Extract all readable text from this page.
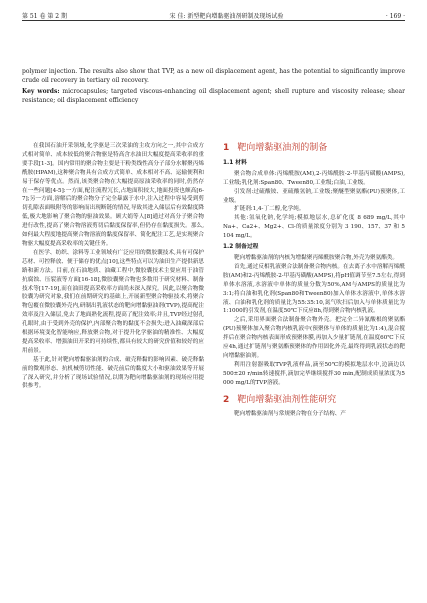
第 51 卷 第 2 期	宋 佳: 新型靶向增黏驱油剂研制及现场试验	· 169 ·

polymer injection. The results also show that TVP, as a new oil displacement agent, has the potential to significantly improve crude oil recovery in tertiary oil recovery.

Key words: microcapsules; targeted viscous-enhancing oil displacement agent; shell rupture and viscosity release; shear resistance; oil displacement efficiency

在我国石油开采领域,化学驱是三次采油的主攻方向之一,其中合成方式相对简单、成本较低的聚合物驱是特高含水油田大幅度提高采收率的重要手段[1-3]。国内常用的聚合物主要是干粉类线性高分子部分水解聚丙烯酰胺(HPAM),这种聚合物具有合成方式简单、成本相对不高、运输便利和易于保存等优点。然而,该类聚合物在大幅提高原油采收率的同时,仍然存在一些问题[4-5]:一方面,配注流程冗长,占地面积较大,地面投资也颇高[6-7];另一方面,溶解后的聚合物分子完全暴露于水中,注入过程中容易受到剪切孔隙表面吸附等的影响而出现断链的情况,导致其进入储层后有效黏度降低,极大地影响了聚合物的驱油效果。顾大娟等人[8]通过对高分子聚合物进行改性,提高了聚合物溶液剪切后黏度保留率,但仍存在黏度损失。那么,如何最大程度地提高聚合物溶液的黏度保留率、简化配注工艺,是实现聚合物驱大幅度提高采收率的关键任务。

在医学、纺织、涂料等工业领域有广泛应用的微胶囊技术,具有可保护芯材、可控释放、便于储存的优点[10],这些特点可以为油田生产提供新思路和新方法。目前,在石油地质、油藏工程中,微胶囊技术主要应用于油管抗腐蚀、压裂液等方面[16-18],微胶囊聚合物也多数用于研究材料、制备技术等[17-19],而在油田提高采收率方面尚未深入探究。因此,以聚合物微胶囊为研究对象,我们在前期研究的基础上,开展新型聚合物驱技术,将聚合物包覆在微胶囊外壳内,研制出乳液状态的靶向增黏驱油剂(TVP),提高配注效率及注入储层,免去了地面熟化流程,提高了配注效率;并且,TVP经过射孔孔眼时,由于受到外壳的保护,内部聚合物的黏度不会损失;进入油藏深部后根据环境变化智能响应,释放聚合物,对于提升化学驱油的精准性、大幅度提高采收率、增强油田开采的可持续性,都具有较大的研究价值和较好的应用前景。

基于此,针对靶向增黏驱油剂的合成、破壳释黏的影响因素、破壳释黏前的微观形态、抗机械剪切性能、破壳前后的黏度大小和驱油效果等开展了深入研究,并分析了现场试验情况,以期为靶向增黏驱油剂的现场应用提供参考。

1 靶向增黏驱油剂的制备
1.1 材料

聚合物合成单体:丙烯酰胺(AM),2-丙烯酰胺-2-甲基丙磺酸(AMPS),工业级;乳化剂:Span80、Tween80,工业级;白油,工业级。

引发剂:过硫酸铵、亚硫酸氢钠,工业级;聚醚型聚氨酯(PU)预聚体,工业级。

扩链剂:1,4-丁二醇,化学纯。

其他:氢氧化钠,化学纯;模拟地层水,总矿化度 8 689 mg/L,其中 Na+、Ca2+、Mg2+、Cl-的质量浓度分别为 3 190、157、37 和 5 104 mg/L。

1.2 制备过程

靶向增黏驱油剂的内核为增黏聚丙烯酰胺聚合物,外壳为聚氨酯类。

首先,通过反相乳液聚合法制备聚合物内核。在去离子水中溶解丙烯酰胺(AM)和2-丙烯酰胺-2-甲基丙磺酸(AMPS),将pH值调节至7.5左右,得到单体水溶液,水溶液中单体的质量分数为50%,AM与AMPS的质量比为3:1;将白油和乳化剂(Span80和Tween80)加入单体水溶液中,单体水溶液、白油和乳化剂的质量比为55:35:10,氮气吹扫后加入与单体质量比为1:1000的引发剂,在温度50℃下反应8h,得到聚合物内核乳液。

之后,采用界面聚合法制备聚合物外壳。把完全二异氰酸根的聚氨酯(PU)预聚体加入聚合物内核乳液中(预聚体与单体的质量比为1:4),混合搅拌后在聚合物内核表面形成预聚体膜,再加入少量扩链剂,在温度60℃下反应4h,通过扩链剂与聚氨酯预聚体的作用固化外壳,最终得到乳液状态的靶向增黏驱油剂。

利用注射器吸取TVP乳液样品,滴至50℃的模拟地层水中,边滴边以500±20 r/min转速搅拌,滴加完毕继续搅拌30 min,配制成质量浓度为5 000 mg/L的TVP溶液。

2 靶向增黏驱油剂性能研究

靶向增黏驱油剂与常规聚合物在分子结构、产
